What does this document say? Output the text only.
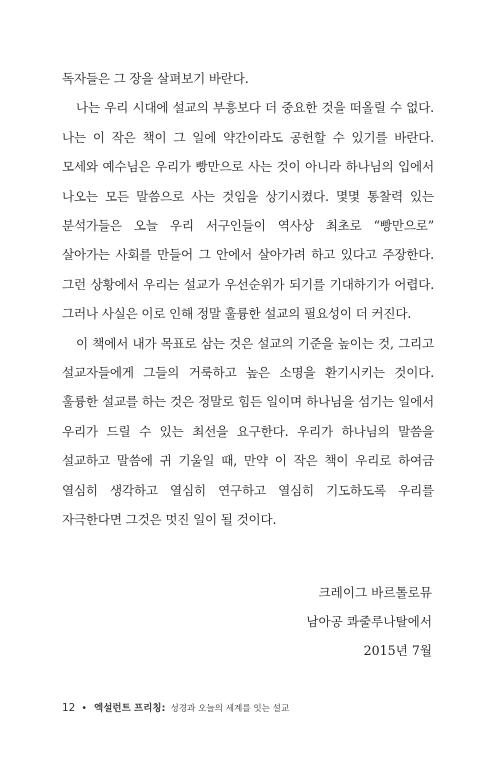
독자들은 그 장을 살펴보기 바란다.

나는 우리 시대에 설교의 부흥보다 더 중요한 것을 떠올릴 수 없다. 나는 이 작은 책이 그 일에 약간이라도 공헌할 수 있기를 바란다. 모세와 예수님은 우리가 빵만으로 사는 것이 아니라 하나님의 입에서 나오는 모든 말씀으로 사는 것임을 상기시켰다. 몇몇 통찰력 있는 분석가들은 오늘 우리 서구인들이 역사상 최초로 “빵만으로” 살아가는 사회를 만들어 그 안에서 살아가려 하고 있다고 주장한다. 그런 상황에서 우리는 설교가 우선순위가 되기를 기대하기가 어렵다. 그러나 사실은 이로 인해 정말 훌륭한 설교의 필요성이 더 커진다.

이 책에서 내가 목표로 삼는 것은 설교의 기준을 높이는 것, 그리고 설교자들에게 그들의 거룩하고 높은 소명을 환기시키는 것이다. 훌륭한 설교를 하는 것은 정말로 힘든 일이며 하나님을 섬기는 일에서 우리가 드릴 수 있는 최선을 요구한다. 우리가 하나님의 말씀을 설교하고 말씀에 귀 기울일 때, 만약 이 작은 책이 우리로 하여금 열심히 생각하고 열심히 연구하고 열심히 기도하도록 우리를 자극한다면 그것은 멋진 일이 될 것이다.

크레이그 바르톨로뮤
남아공 콰줄루나탈에서
2015년 7월
12 • 엑설런트 프리칭: 성경과 오늘의 세계를 잇는 설교
